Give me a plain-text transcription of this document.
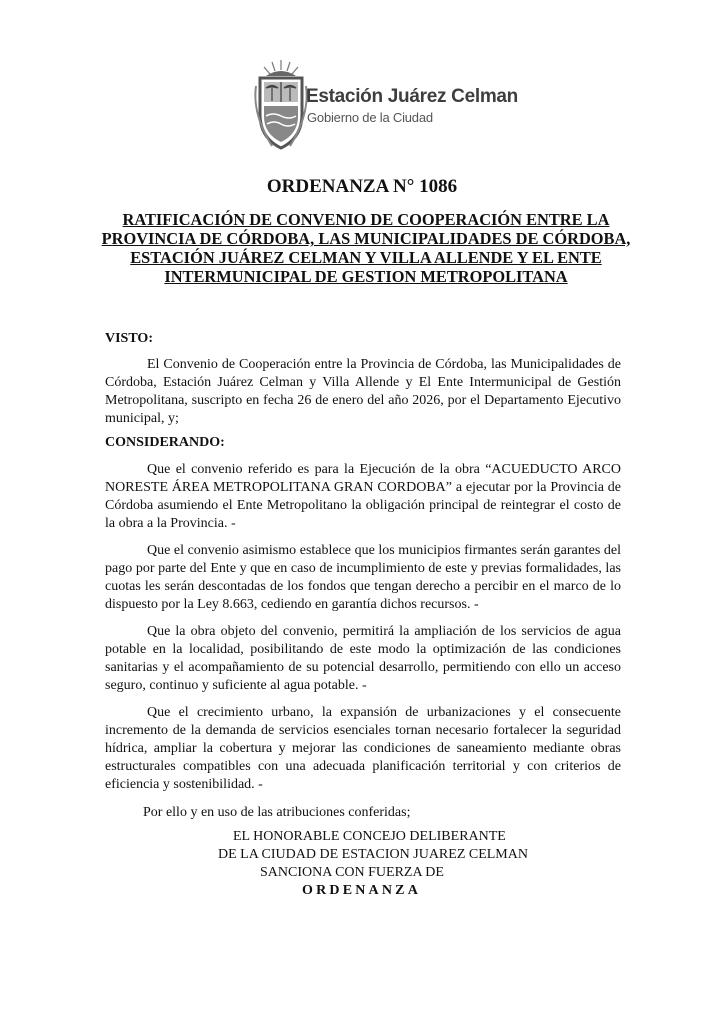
Estación Juárez Celman
Gobierno de la Ciudad
ORDENANZA N° 1086
RATIFICACIÓN DE CONVENIO DE COOPERACIÓN ENTRE LA PROVINCIA DE CÓRDOBA, LAS MUNICIPALIDADES DE CÓRDOBA, ESTACIÓN JUÁREZ CELMAN Y VILLA ALLENDE Y EL ENTE INTERMUNICIPAL DE GESTION METROPOLITANA

VISTO:

El Convenio de Cooperación entre la Provincia de Córdoba, las Municipalidades de Córdoba, Estación Juárez Celman y Villa Allende y El Ente Intermunicipal de Gestión Metropolitana, suscripto en fecha 26 de enero del año 2026, por el Departamento Ejecutivo municipal, y;

CONSIDERANDO:

Que el convenio referido es para la Ejecución de la obra “ACUEDUCTO ARCO NORESTE ÁREA METROPOLITANA GRAN CORDOBA” a ejecutar por la Provincia de Córdoba asumiendo el Ente Metropolitano la obligación principal de reintegrar el costo de la obra a la Provincia. -

Que el convenio asimismo establece que los municipios firmantes serán garantes del pago por parte del Ente y que en caso de incumplimiento de este y previas formalidades, las cuotas les serán descontadas de los fondos que tengan derecho a percibir en el marco de lo dispuesto por la Ley 8.663, cediendo en garantía dichos recursos. -

Que la obra objeto del convenio, permitirá la ampliación de los servicios de agua potable en la localidad, posibilitando de este modo la optimización de las condiciones sanitarias y el acompañamiento de su potencial desarrollo, permitiendo con ello un acceso seguro, continuo y suficiente al agua potable. -

Que el crecimiento urbano, la expansión de urbanizaciones y el consecuente incremento de la demanda de servicios esenciales tornan necesario fortalecer la seguridad hídrica, ampliar la cobertura y mejorar las condiciones de saneamiento mediante obras estructurales compatibles con una adecuada planificación territorial y con criterios de eficiencia y sostenibilidad. -

Por ello y en uso de las atribuciones conferidas;

EL HONORABLE CONCEJO DELIBERANTE
DE LA CIUDAD DE ESTACION JUAREZ CELMAN
SANCIONA CON FUERZA DE
ORDENANZA
